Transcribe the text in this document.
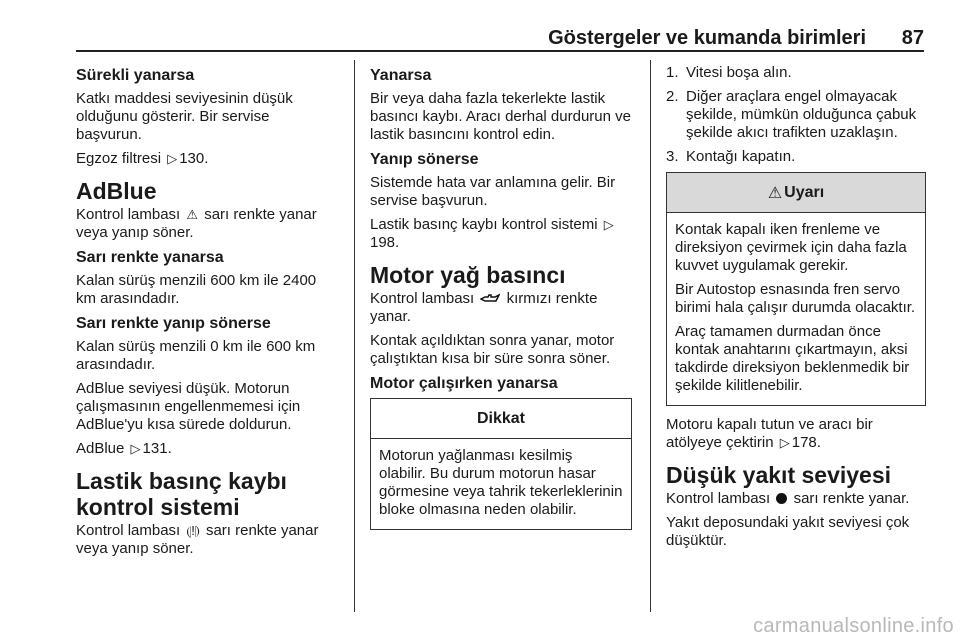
Göstergeler ve kumanda birimleri 87
Sürekli yanarsa

Katkı maddesi seviyesinin düşük olduğunu gösterir. Bir servise başvurun.

Egzoz filtresi ▷ 130.

AdBlue

Kontrol lambası ⚠ sarı renkte yanar veya yanıp söner.

Sarı renkte yanarsa

Kalan sürüş menzili 600 km ile 2400 km arasındadır.

Sarı renkte yanıp sönerse

Kalan sürüş menzili 0 km ile 600 km arasındadır.

AdBlue seviyesi düşük. Motorun çalışmasının engellenmemesi için AdBlue'yu kısa sürede doldurun.

AdBlue ▷ 131.

Lastik basınç kaybı kontrol sistemi

Kontrol lambası ⦇!⦈ sarı renkte yanar veya yanıp söner.

Yanarsa

Bir veya daha fazla tekerlekte lastik basıncı kaybı. Aracı derhal durdurun ve lastik basıncını kontrol edin.

Yanıp sönerse

Sistemde hata var anlamına gelir. Bir servise başvurun.

Lastik basınç kaybı kontrol sistemi ▷198.

Motor yağ basıncı

Kontrol lambası kırmızı renkte yanar.

Kontak açıldıktan sonra yanar, motor çalıştıktan kısa bir süre sonra söner.

Motor çalışırken yanarsa
Dikkat

Motorun yağlanması kesilmiş olabilir. Bu durum motorun hasar görmesine veya tahrik tekerleklerinin bloke olmasına neden olabilir.

1. Vitesi boşa alın.
2. Diğer araçlara engel olmayacak şekilde, mümkün olduğunca çabuk şekilde akıcı trafikten uzaklaşın.
3. Kontağı kapatın.
⚠ Uyarı

Kontak kapalı iken frenleme ve direksiyon çevirmek için daha fazla kuvvet uygulamak gerekir.

Bir Autostop esnasında fren servo birimi hala çalışır durumda olacaktır.

Araç tamamen durmadan önce kontak anahtarını çıkartmayın, aksi takdirde direksiyon beklenmedik bir şekilde kilitlenebilir.

Motoru kapalı tutun ve aracı bir atölyeye çektirin ▷ 178.

Düşük yakıt seviyesi

Kontrol lambası sarı renkte yanar.

Yakıt deposundaki yakıt seviyesi çok düşüktür.

carmanualsonline.info
